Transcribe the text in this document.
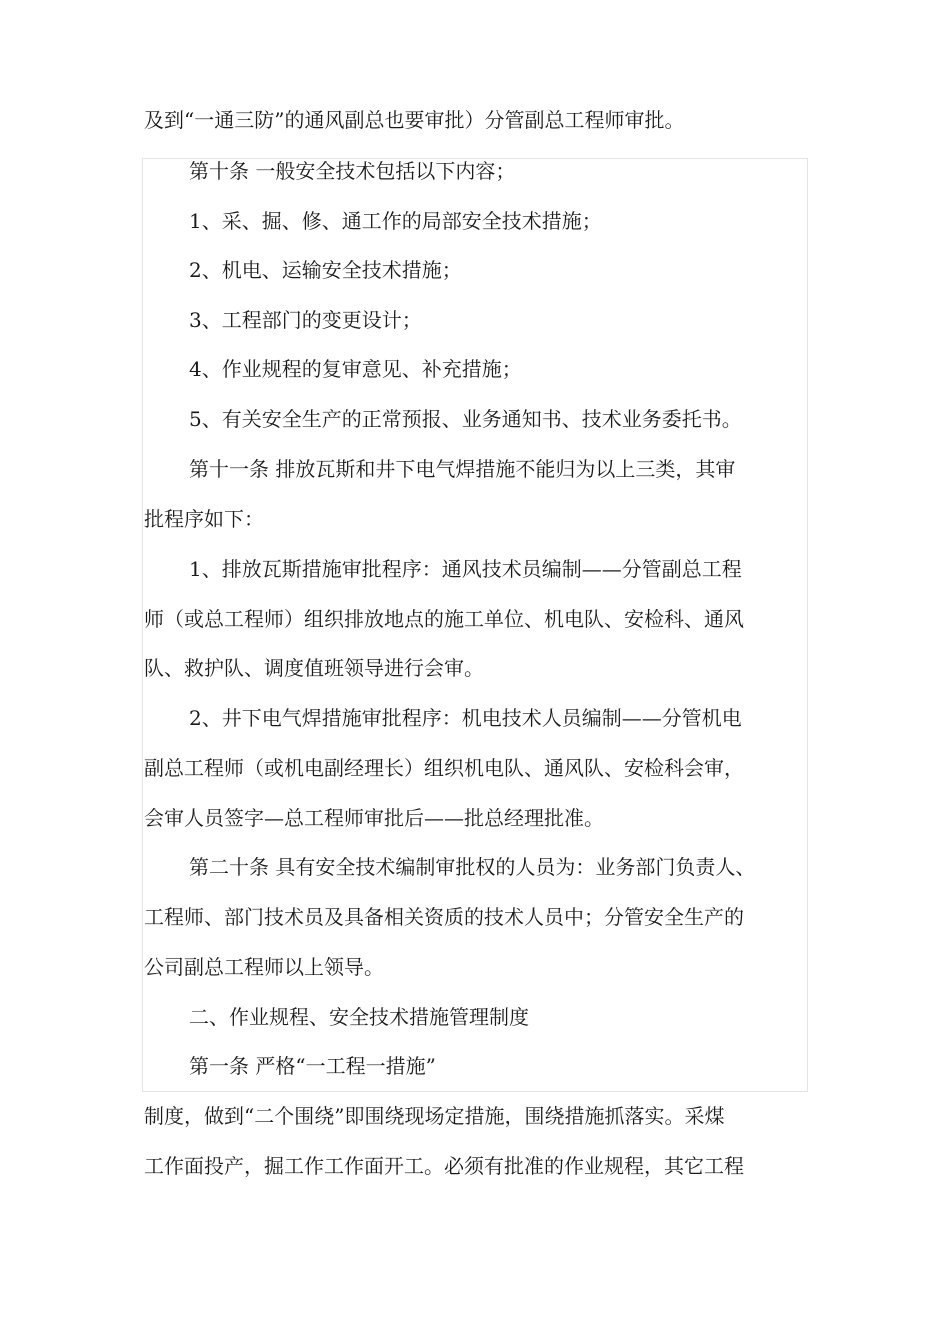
及到“一通三防”的通风副总也要审批）分管副总工程师审批。
第十条 一般安全技术包括以下内容；
1、采、掘、修、通工作的局部安全技术措施；
2、机电、运输安全技术措施；
3、工程部门的变更设计；
4、作业规程的复审意见、补充措施；
5、有关安全生产的正常预报、业务通知书、技术业务委托书。
第十一条 排放瓦斯和井下电气焊措施不能归为以上三类，其审
批程序如下：
1、排放瓦斯措施审批程序：通风技术员编制——分管副总工程
师（或总工程师）组织排放地点的施工单位、机电队、安检科、通风
队、救护队、调度值班领导进行会审。
2、井下电气焊措施审批程序：机电技术人员编制——分管机电
副总工程师（或机电副经理长）组织机电队、通风队、安检科会审，
会审人员签字—总工程师审批后——批总经理批准。
第二十条 具有安全技术编制审批权的人员为：业务部门负责人、
工程师、部门技术员及具备相关资质的技术人员中；分管安全生产的
公司副总工程师以上领导。
二、作业规程、安全技术措施管理制度
第一条 严格“一工程一措施”
制度，做到“二个围绕”即围绕现场定措施，围绕措施抓落实。采煤
工作面投产，掘工作工作面开工。必须有批准的作业规程，其它工程
